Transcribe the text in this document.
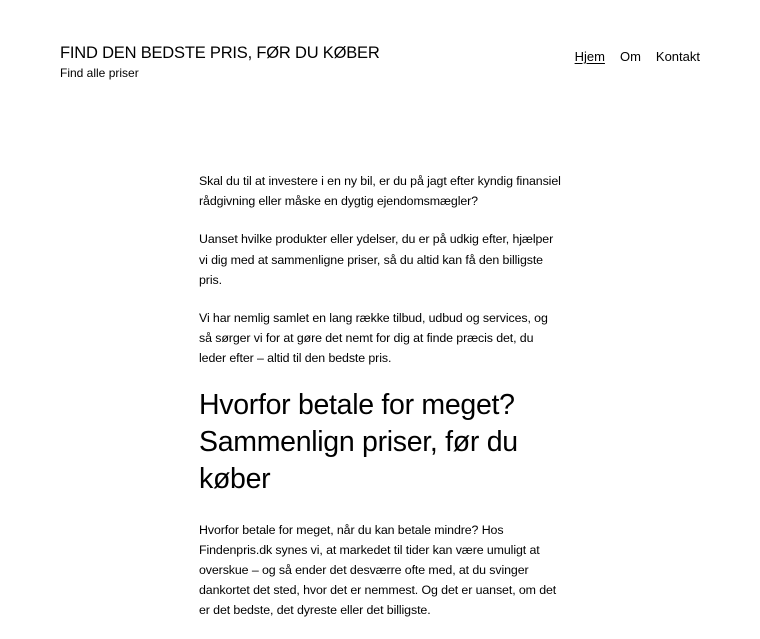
FIND DEN BEDSTE PRIS, FØR DU KØBER
Find alle priser
Hjem Om Kontakt

Skal du til at investere i en ny bil, er du på jagt efter kyndig finansiel rådgivning eller måske en dygtig ejendomsmægler?

Uanset hvilke produkter eller ydelser, du er på udkig efter, hjælper vi dig med at sammenligne priser, så du altid kan få den billigste pris.

Vi har nemlig samlet en lang række tilbud, udbud og services, og så sørger vi for at gøre det nemt for dig at finde præcis det, du leder efter – altid til den bedste pris.

Hvorfor betale for meget? Sammenlign priser, før du køber

Hvorfor betale for meget, når du kan betale mindre? Hos Findenpris.dk synes vi, at markedet til tider kan være umuligt at overskue – og så ender det desværre ofte med, at du svinger dankortet det sted, hvor det er nemmest. Og det er uanset, om det er det bedste, det dyreste eller det billigste.
